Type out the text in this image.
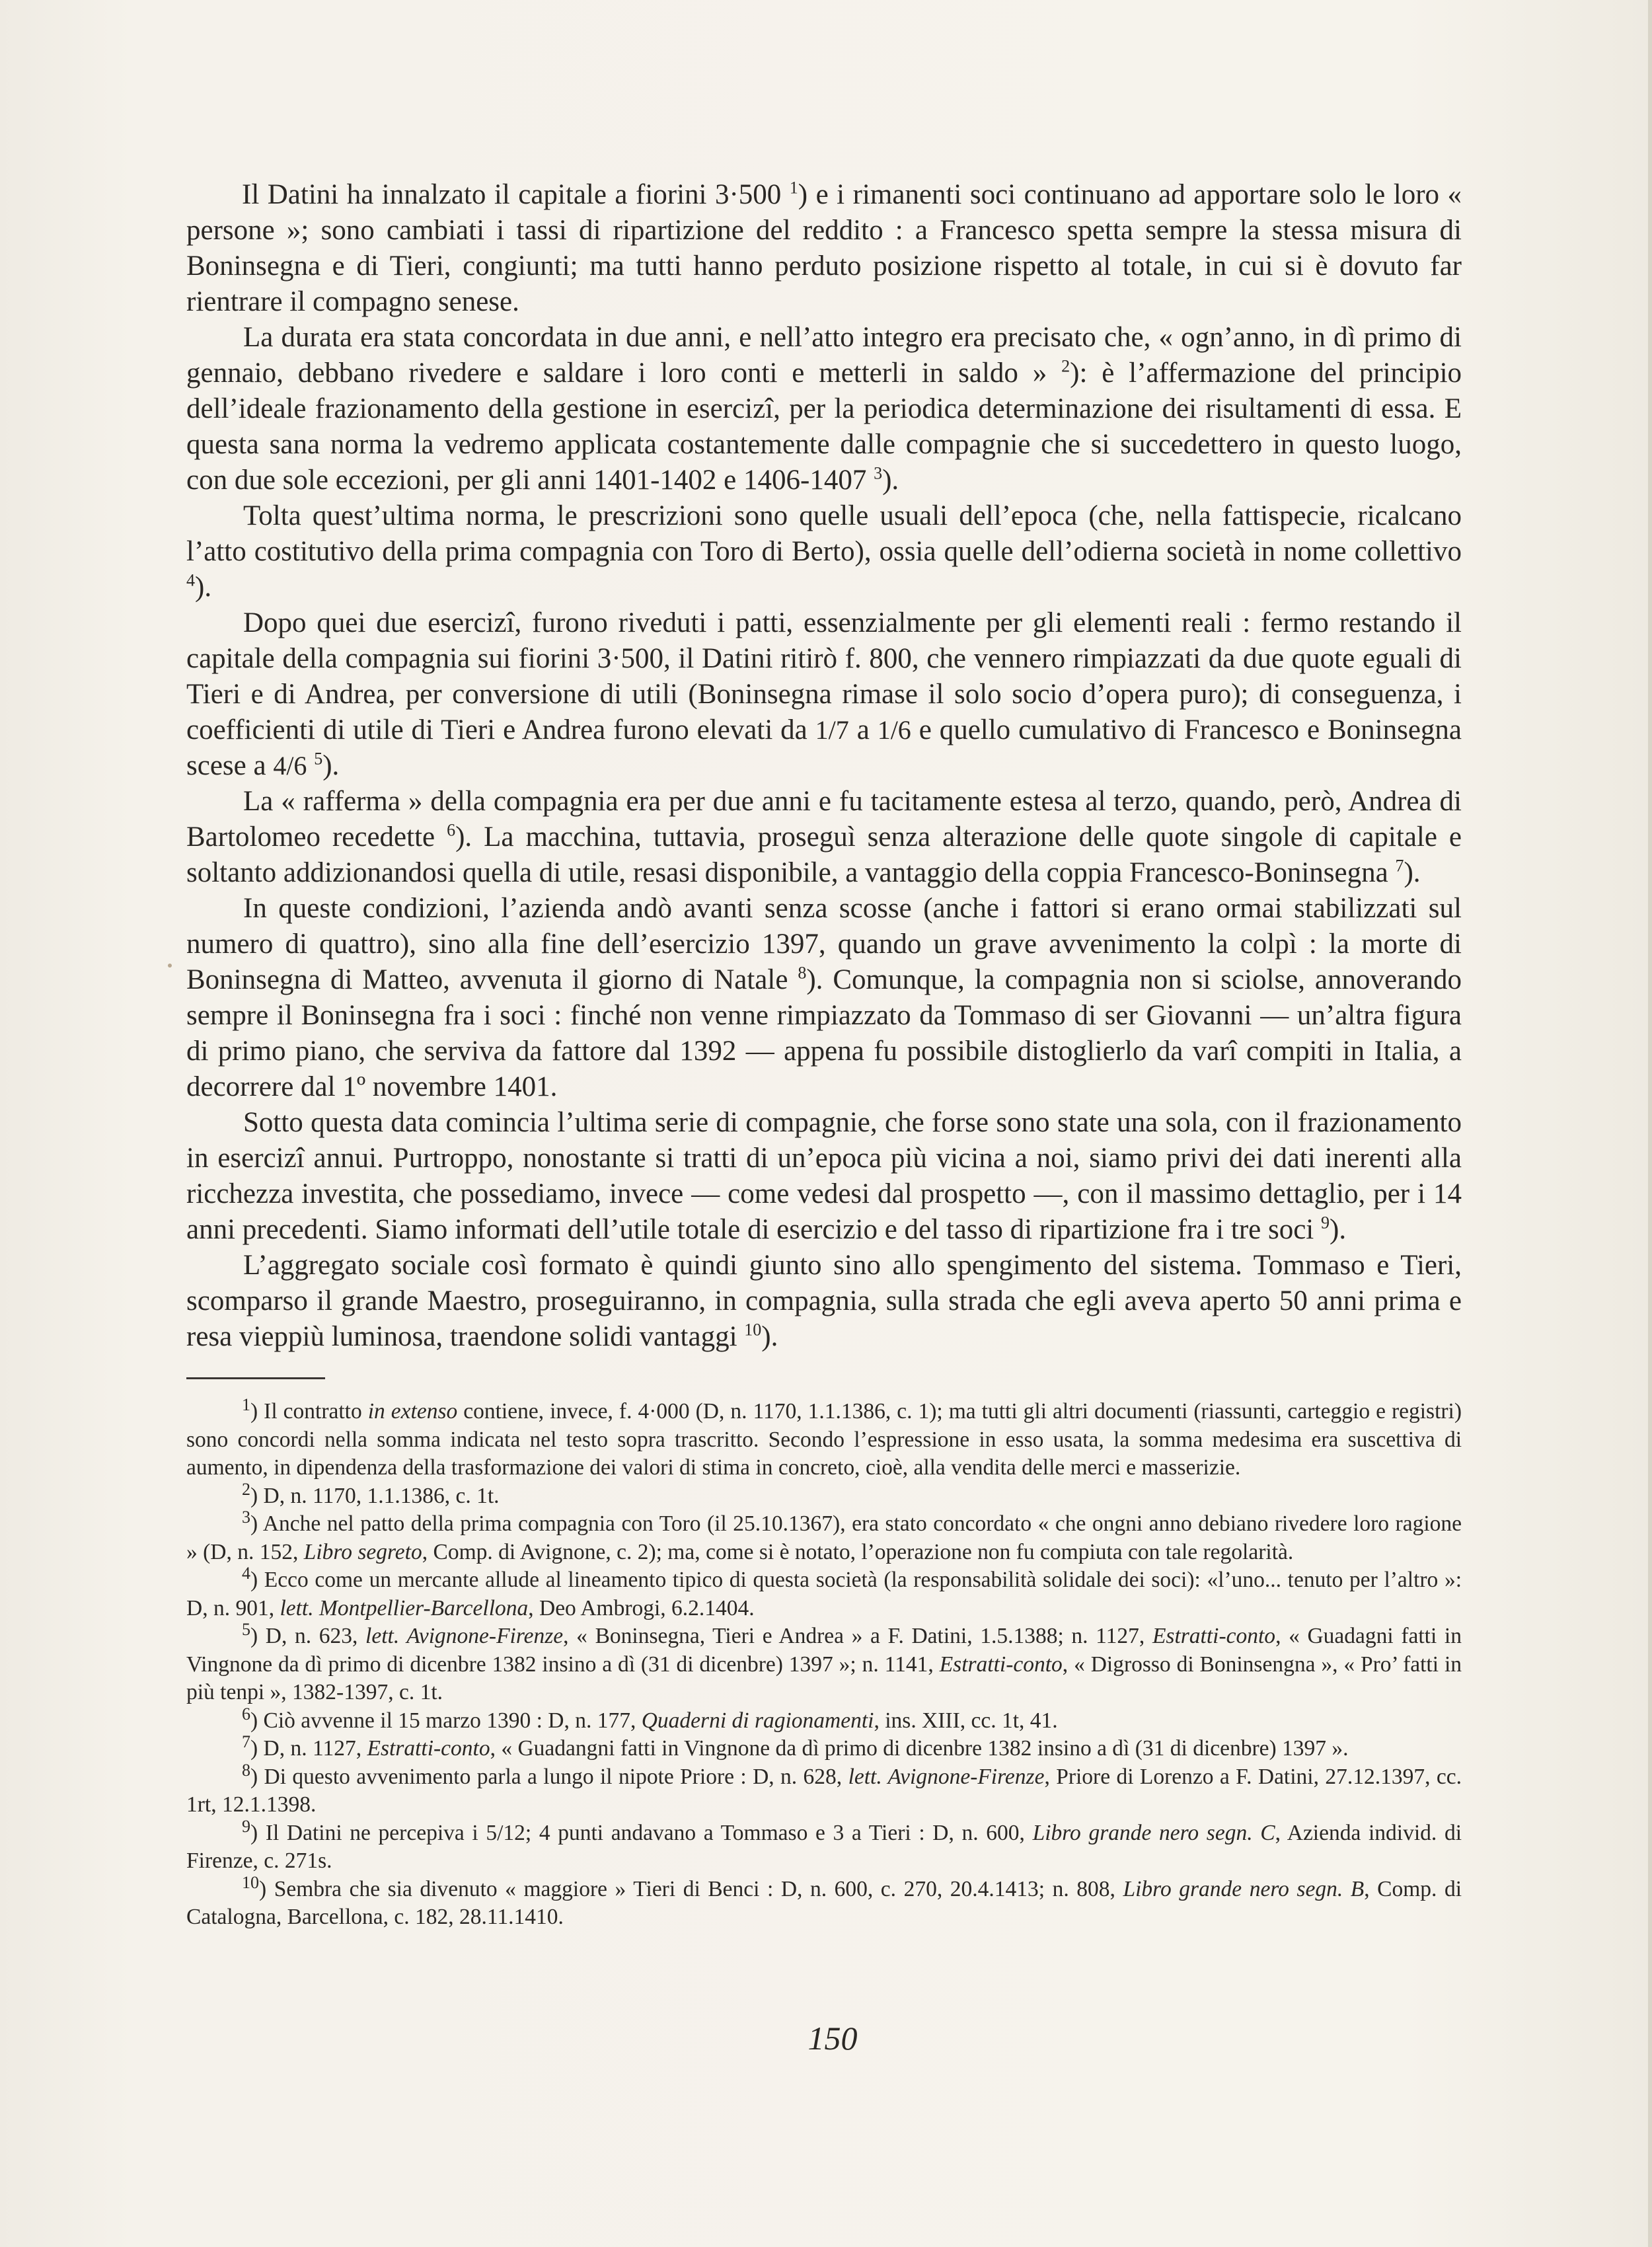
Il Datini ha innalzato il capitale a fiorini 3·500 $^1$) e i rimanenti soci continuano ad apportare solo le loro « persone »; sono cambiati i tassi di ripartizione del reddito : a Francesco spetta sempre la stessa misura di Boninsegna e di Tieri, congiunti; ma tutti hanno perduto posizione rispetto al totale, in cui si è dovuto far rientrare il compagno senese.

La durata era stata concordata in due anni, e nell’atto integro era precisato che, « ogn’anno, in dì primo di gennaio, debbano rivedere e saldare i loro conti e metterli in saldo » $^2$): è l’affermazione del principio dell’ideale frazionamento della gestione in esercizî, per la periodica determinazione dei risultamenti di essa. E questa sana norma la vedremo applicata costantemente dalle compagnie che si succedettero in questo luogo, con due sole eccezioni, per gli anni 1401-1402 e 1406-1407 $^3$).

Tolta quest’ultima norma, le prescrizioni sono quelle usuali dell’epoca (che, nella fattispecie, ricalcano l’atto costitutivo della prima compagnia con Toro di Berto), ossia quelle dell’odierna società in nome collettivo $^4$).

Dopo quei due esercizî, furono riveduti i patti, essenzialmente per gli elementi reali : fermo restando il capitale della compagnia sui fiorini 3·500, il Datini ritirò f. 800, che vennero rimpiazzati da due quote eguali di Tieri e di Andrea, per conversione di utili (Boninsegna rimase il solo socio d’opera puro); di conseguenza, i coefficienti di utile di Tieri e Andrea furono elevati da 1/7 a 1/6 e quello cumulativo di Francesco e Boninsegna scese a 4/6 $^5$).

La « rafferma » della compagnia era per due anni e fu tacitamente estesa al terzo, quando, però, Andrea di Bartolomeo recedette $^6$). La macchina, tuttavia, proseguì senza alterazione delle quote singole di capitale e soltanto addizionandosi quella di utile, resasi disponibile, a vantaggio della coppia Francesco-Boninsegna $^7$).

In queste condizioni, l’azienda andò avanti senza scosse (anche i fattori si erano ormai stabilizzati sul numero di quattro), sino alla fine dell’esercizio 1397, quando un grave avvenimento la colpì : la morte di Boninsegna di Matteo, avvenuta il giorno di Natale $^8$). Comunque, la compagnia non si sciolse, annoverando sempre il Boninsegna fra i soci : finché non venne rimpiazzato da Tommaso di ser Giovanni — un’altra figura di primo piano, che serviva da fattore dal 1392 — appena fu possibile distoglierlo da varî compiti in Italia, a decorrere dal 1º novembre 1401.

Sotto questa data comincia l’ultima serie di compagnie, che forse sono state una sola, con il frazionamento in esercizî annui. Purtroppo, nonostante si tratti di un’epoca più vicina a noi, siamo privi dei dati inerenti alla ricchezza investita, che possediamo, invece — come vedesi dal prospetto —, con il massimo dettaglio, per i 14 anni precedenti. Siamo informati dell’utile totale di esercizio e del tasso di ripartizione fra i tre soci $^9$).

L’aggregato sociale così formato è quindi giunto sino allo spengimento del sistema. Tommaso e Tieri, scomparso il grande Maestro, proseguiranno, in compagnia, sulla strada che egli aveva aperto 50 anni prima e resa vieppiù luminosa, traendone solidi vantaggi $^{10}$).

$^1$) Il contratto in extenso contiene, invece, f. 4·000 (D, n. 1170, 1.1.1386, c. 1); ma tutti gli altri documenti (riassunti, carteggio e registri) sono concordi nella somma indicata nel testo sopra trascritto. Secondo l’espressione in esso usata, la somma medesima era suscettiva di aumento, in dipendenza della trasformazione dei valori di stima in concreto, cioè, alla vendita delle merci e masserizie.

$^2$) D, n. 1170, 1.1.1386, c. 1t.

$^3$) Anche nel patto della prima compagnia con Toro (il 25.10.1367), era stato concordato « che ongni anno debiano rivedere loro ragione » (D, n. 152, Libro segreto, Comp. di Avignone, c. 2); ma, come si è notato, l’operazione non fu compiuta con tale regolarità.

$^4$) Ecco come un mercante allude al lineamento tipico di questa società (la responsabilità solidale dei soci): «l’uno... tenuto per l’altro »: D, n. 901, lett. Montpellier-Barcellona, Deo Ambrogi, 6.2.1404.

$^5$) D, n. 623, lett. Avignone-Firenze, « Boninsegna, Tieri e Andrea » a F. Datini, 1.5.1388; n. 1127, Estratti-conto, « Guadagni fatti in Vingnone da dì primo di dicenbre 1382 insino a dì (31 di dicenbre) 1397 »; n. 1141, Estratti-conto, « Digrosso di Boninsengna », « Pro’ fatti in più tenpi », 1382-1397, c. 1t.

$^6$) Ciò avvenne il 15 marzo 1390 : D, n. 177, Quaderni di ragionamenti, ins. XIII, cc. 1t, 41.

$^7$) D, n. 1127, Estratti-conto, « Guadangni fatti in Vingnone da dì primo di dicenbre 1382 insino a dì (31 di dicenbre) 1397 ».

$^8$) Di questo avvenimento parla a lungo il nipote Priore : D, n. 628, lett. Avignone-Firenze, Priore di Lorenzo a F. Datini, 27.12.1397, cc. 1rt, 12.1.1398.

$^9$) Il Datini ne percepiva i 5/12; 4 punti andavano a Tommaso e 3 a Tieri : D, n. 600, Libro grande nero segn. C, Azienda individ. di Firenze, c. 271s.

$^{10}$) Sembra che sia divenuto « maggiore » Tieri di Benci : D, n. 600, c. 270, 20.4.1413; n. 808, Libro grande nero segn. B, Comp. di Catalogna, Barcellona, c. 182, 28.11.1410.

150
